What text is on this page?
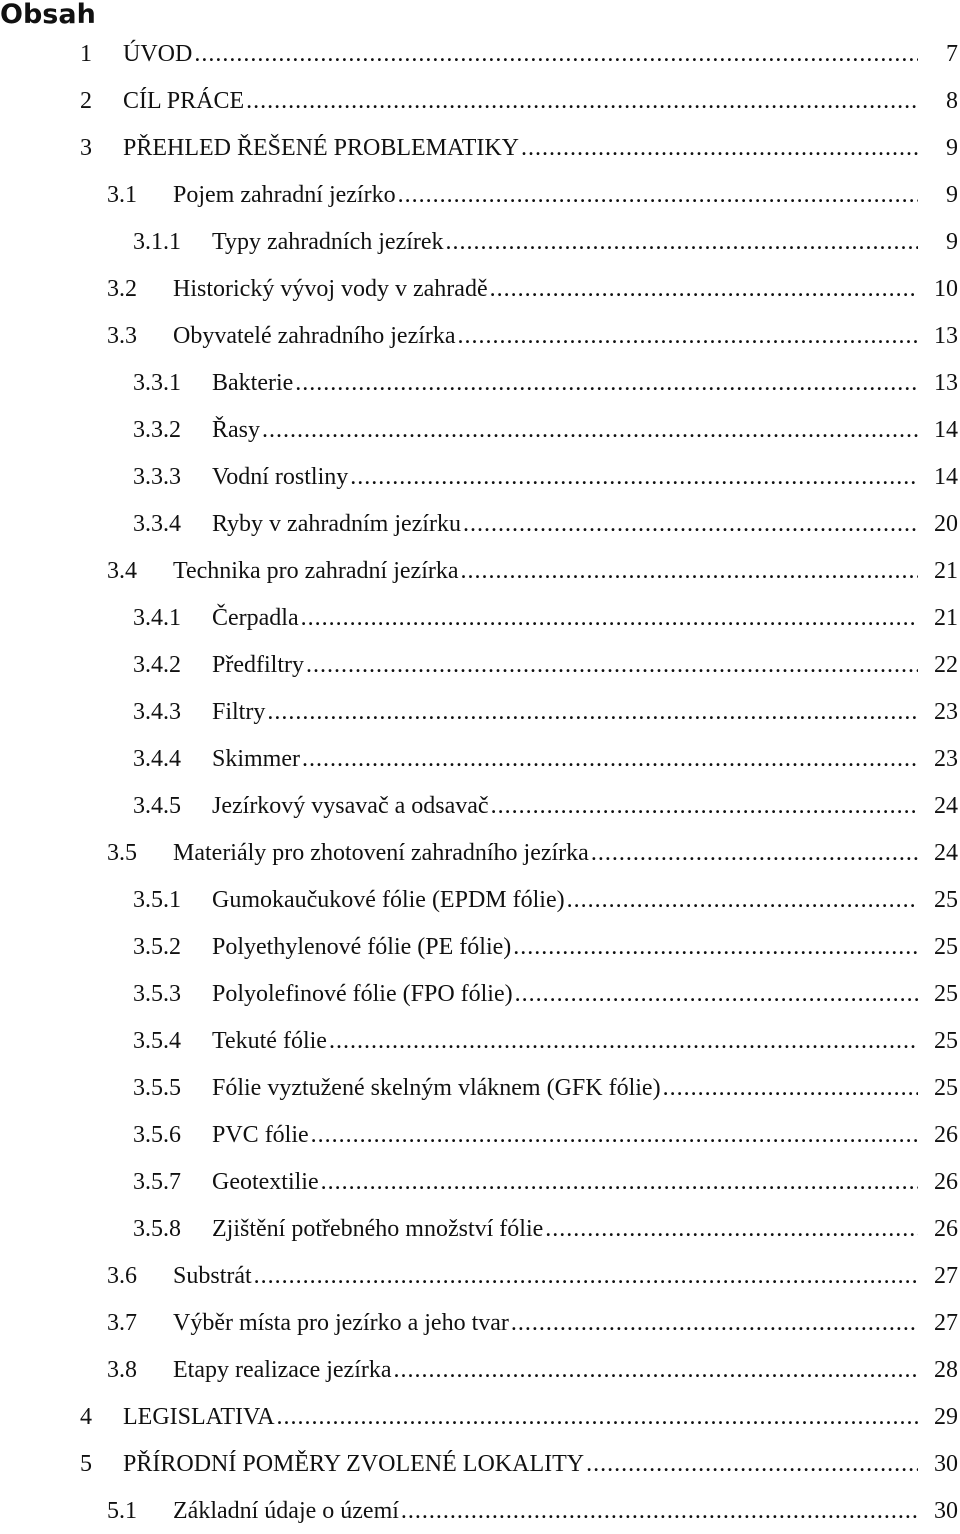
Obsah
1 ÚVOD .....	7
2 CÍL PRÁCE .....	8
3 PŘEHLED ŘEŠENÉ PROBLEMATIKY .....	9
3.1 Pojem zahradní jezírko .....	9
3.1.1 Typy zahradních jezírek .....	9
3.2 Historický vývoj vody v zahradě .....	10
3.3 Obyvatelé zahradního jezírka .....	13
3.3.1 Bakterie .....	13
3.3.2 Řasy .....	14
3.3.3 Vodní rostliny .....	14
3.3.4 Ryby v zahradním jezírku .....	20
3.4 Technika pro zahradní jezírka .....	21
3.4.1 Čerpadla .....	21
3.4.2 Předfiltry .....	22
3.4.3 Filtry .....	23
3.4.4 Skimmer .....	23
3.4.5 Jezírkový vysavač a odsavač .....	24
3.5 Materiály pro zhotovení zahradního jezírka .....	24
3.5.1 Gumokaučukové fólie (EPDM fólie) .....	25
3.5.2 Polyethylenové fólie (PE fólie) .....	25
3.5.3 Polyolefinové fólie (FPO fólie) .....	25
3.5.4 Tekuté fólie .....	25
3.5.5 Fólie vyztužené skelným vláknem (GFK fólie) .....	25
3.5.6 PVC fólie .....	26
3.5.7 Geotextilie .....	26
3.5.8 Zjištění potřebného množství fólie .....	26
3.6 Substrát .....	27
3.7 Výběr místa pro jezírko a jeho tvar .....	27
3.8 Etapy realizace jezírka .....	28
4 LEGISLATIVA .....	29
5 PŘÍRODNÍ POMĚRY ZVOLENÉ LOKALITY .....	30
5.1 Základní údaje o území .....	30
